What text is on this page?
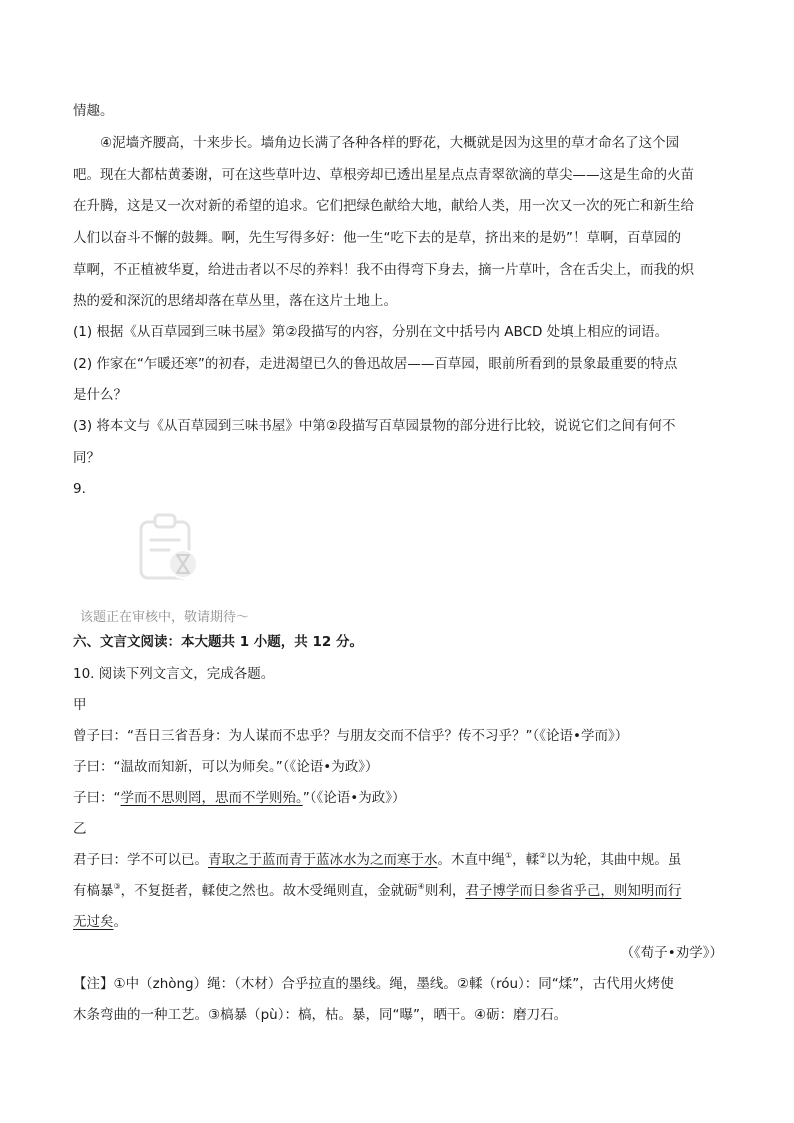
情趣。
④泥墙齐腰高，十来步长。墙角边长满了各种各样的野花，大概就是因为这里的草才命名了这个园
吧。现在大都枯黄萎谢，可在这些草叶边、草根旁却已透出星星点点青翠欲滴的草尖——这是生命的火苗
在升腾，这是又一次对新的希望的追求。它们把绿色献给大地，献给人类，用一次又一次的死亡和新生给
人们以奋斗不懈的鼓舞。啊，先生写得多好：他一生“吃下去的是草，挤出来的是奶”！草啊，百草园的
草啊，不正植被华夏，给进击者以不尽的养料！我不由得弯下身去，摘一片草叶，含在舌尖上，而我的炽
热的爱和深沉的思绪却落在草丛里，落在这片土地上。
(1) 根据《从百草园到三味书屋》第②段描写的内容，分别在文中括号内 ABCD 处填上相应的词语。
(2) 作家在“乍暖还寒”的初春，走进渴望已久的鲁迅故居——百草园，眼前所看到的景象最重要的特点
是什么？
(3) 将本文与《从百草园到三味书屋》中第②段描写百草园景物的部分进行比较，说说它们之间有何不
同？
9.
该题正在审核中，敬请期待～
六、文言文阅读：本大题共 1 小题，共 12 分。
10. 阅读下列文言文，完成各题。
甲
曾子曰：“吾日三省吾身：为人谋而不忠乎？与朋友交而不信乎？传不习乎？”（《论语•学而》）
子曰：“温故而知新，可以为师矣。”（《论语•为政》）
子曰：“学而不思则罔，思而不学则殆。”（《论语•为政》）
乙
君子曰：学不可以已。青取之于蓝而青于蓝冰水为之而寒于水。木直中绳①，輮②以为轮，其曲中规。虽
有槁暴③，不复挺者，輮使之然也。故木受绳则直，金就砺④则利，君子博学而日参省乎己，则知明而行
无过矣。
（《荀子•劝学》）
【注】①中（zhòng）绳：（木材）合乎拉直的墨线。绳，墨线。②輮（róu）：同“煣”，古代用火烤使
木条弯曲的一种工艺。③槁暴（pù）：槁，枯。暴，同“曝”，晒干。④砺：磨刀石。
